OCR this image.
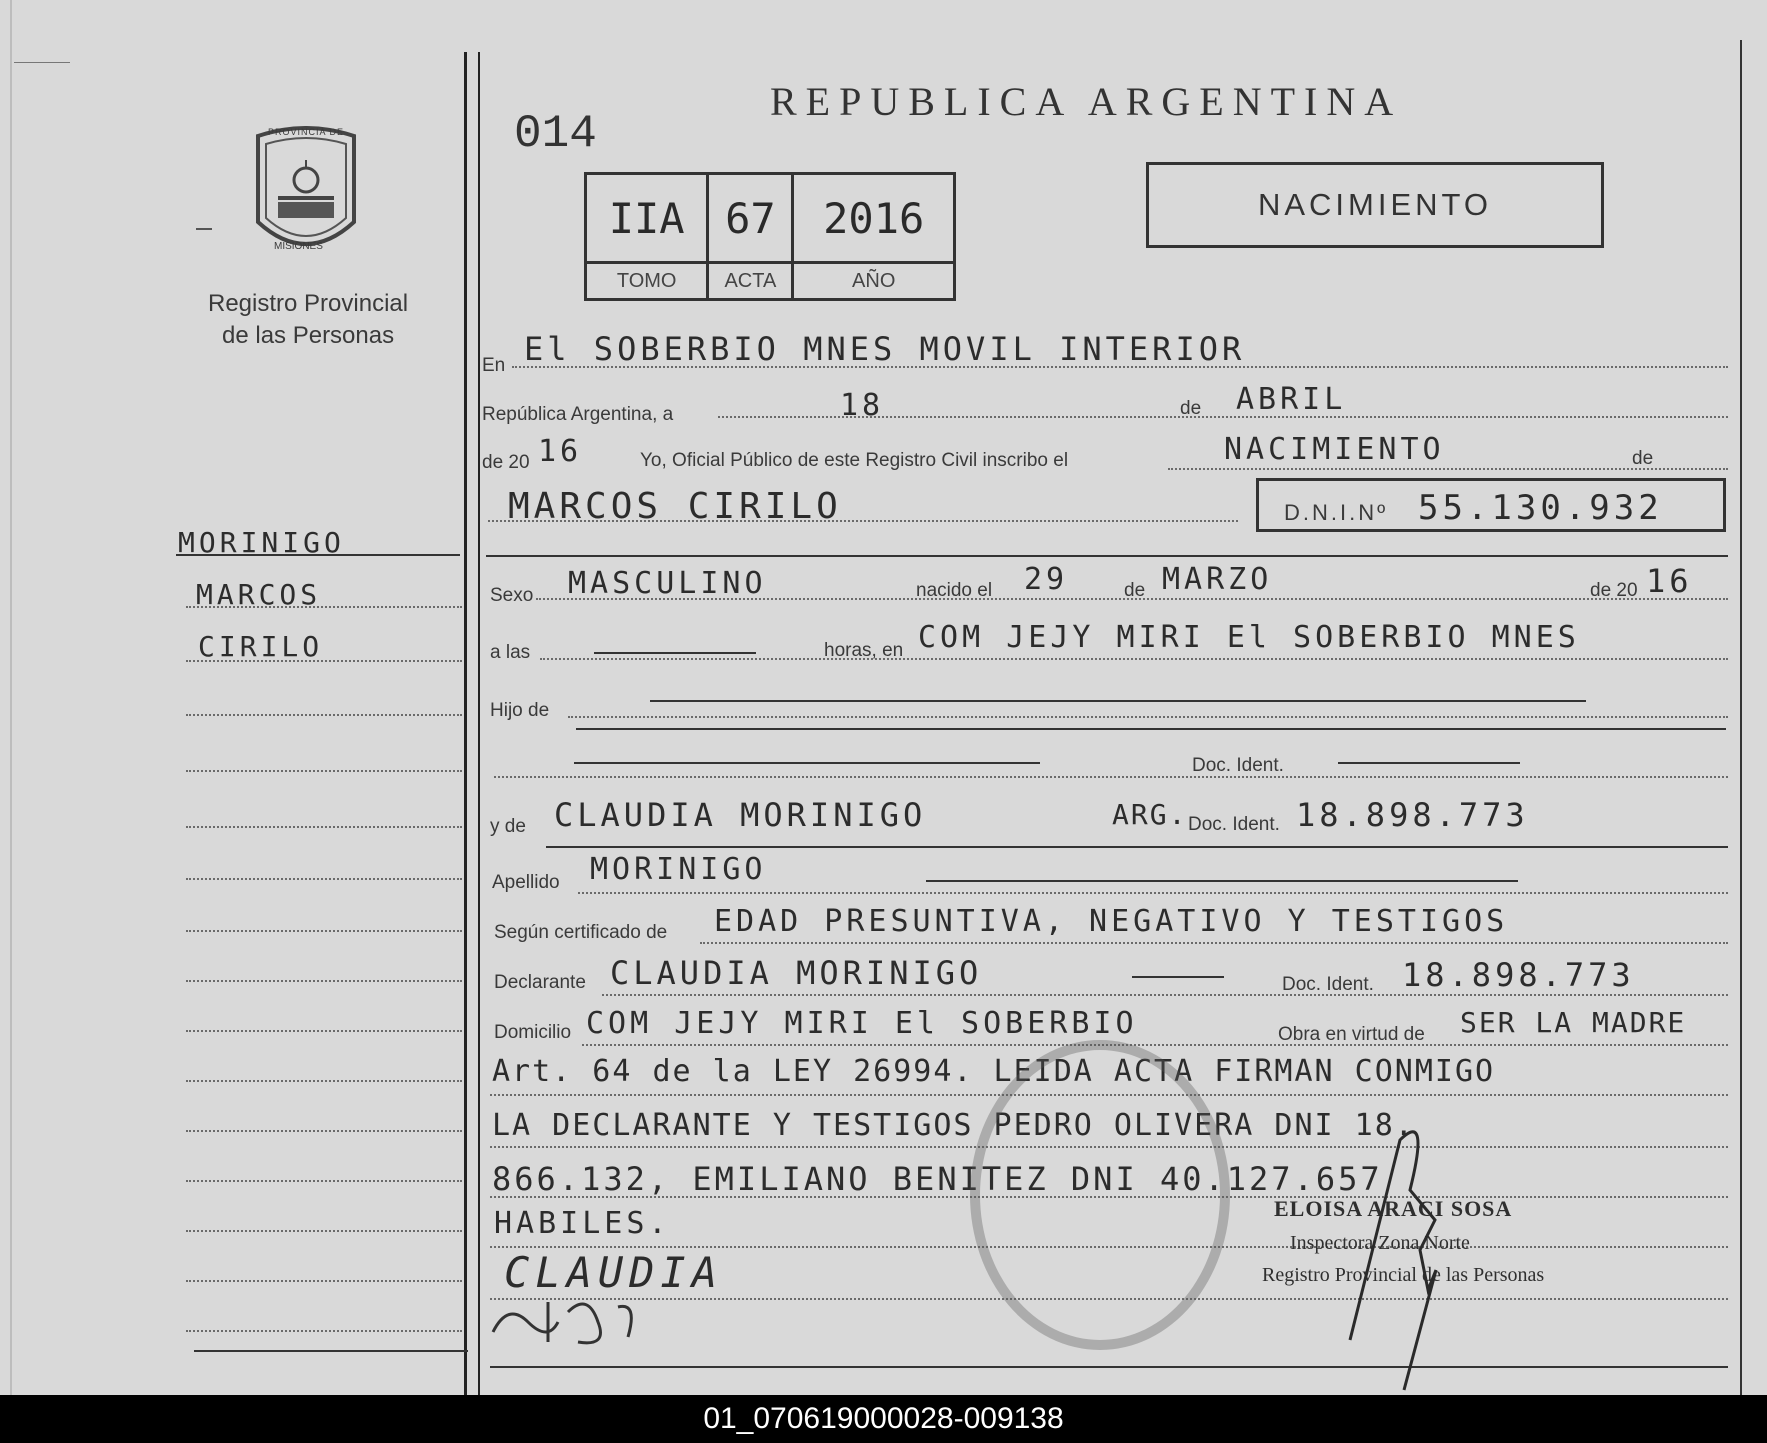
PROVINCIA DE
MISIONES
Registro Provincial
de las Personas
014
REPUBLICA ARGENTINA
IIA	67	2016
TOMO	ACTA	AÑO
NACIMIENTO
MORINIGO
MARCOS
CIRILO
En El SOBERBIO MNES MOVIL INTERIOR
República Argentina, a	18	de ABRIL
de 20 16	Yo, Oficial Público de este Registro Civil inscribo el	NACIMIENTO	de
MARCOS CIRILO	D.N.I.Nº 55.130.932
Sexo MASCULINO	nacido el 29	de MARZO	de 20 16
a las	horas, en COM JEJY MIRI El SOBERBIO MNES
Hijo de
Doc. Ident.
y de CLAUDIA MORINIGO	ARG. Doc. Ident. 18.898.773
Apellido MORINIGO
Según certificado de EDAD PRESUNTIVA, NEGATIVO Y TESTIGOS
Declarante CLAUDIA MORINIGO	Doc. Ident. 18.898.773
Domicilio COM JEJY MIRI El SOBERBIO	Obra en virtud de SER LA MADRE
Art. 64 de la LEY 26994. LEIDA ACTA FIRMAN CONMIGO
LA DECLARANTE Y TESTIGOS PEDRO OLIVERA DNI 18.
866.132, EMILIANO BENITEZ DNI 40.127.657
HABILES.
CLAUDIA
ELOISA ARACI SOSA
Inspectora Zona Norte
Registro Provincial de las Personas
01_070619000028-009138
